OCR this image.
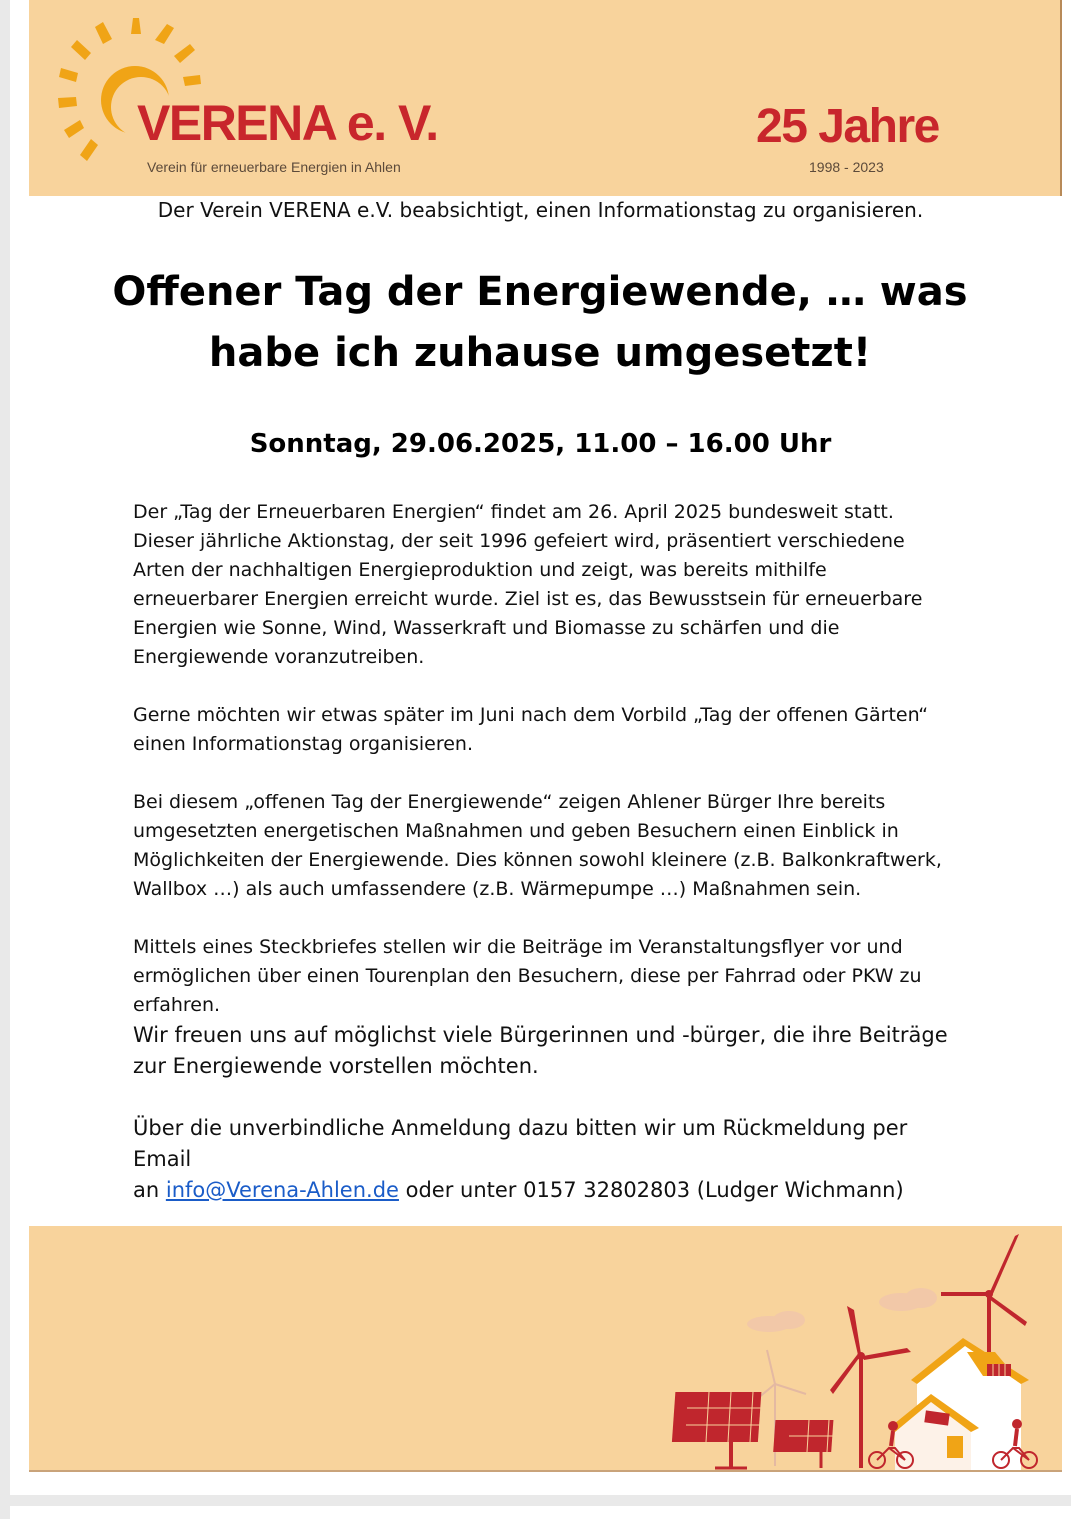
VERENA e. V.
Verein für erneuerbare Energien in Ahlen
25 Jahre
1998 - 2023
Der Verein VERENA e.V. beabsichtigt, einen Informationstag zu organisieren.
Offener Tag der Energiewende, … was
habe ich zuhause umgesetzt!
Sonntag, 29.06.2025, 11.00 – 16.00 Uhr

Der „Tag der Erneuerbaren Energien“ findet am 26. April 2025 bundesweit statt.

Dieser jährliche Aktionstag, der seit 1996 gefeiert wird, präsentiert verschiedene

Arten der nachhaltigen Energieproduktion und zeigt, was bereits mithilfe

erneuerbarer Energien erreicht wurde. Ziel ist es, das Bewusstsein für erneuerbare

Energien wie Sonne, Wind, Wasserkraft und Biomasse zu schärfen und die

Energiewende voranzutreiben.

Gerne möchten wir etwas später im Juni nach dem Vorbild „Tag der offenen Gärten“

einen Informationstag organisieren.

Bei diesem „offenen Tag der Energiewende“ zeigen Ahlener Bürger Ihre bereits

umgesetzten energetischen Maßnahmen und geben Besuchern einen Einblick in

Möglichkeiten der Energiewende. Dies können sowohl kleinere (z.B. Balkonkraftwerk,

Wallbox …) als auch umfassendere (z.B. Wärmepumpe …) Maßnahmen sein.

Mittels eines Steckbriefes stellen wir die Beiträge im Veranstaltungsflyer vor und

ermöglichen über einen Tourenplan den Besuchern, diese per Fahrrad oder PKW zu

erfahren.

Wir freuen uns auf möglichst viele Bürgerinnen und -bürger, die ihre Beiträge

zur Energiewende vorstellen möchten.

Über die unverbindliche Anmeldung dazu bitten wir um Rückmeldung per Email

an info@Verena-Ahlen.de oder unter 0157 32802803 (Ludger Wichmann)
